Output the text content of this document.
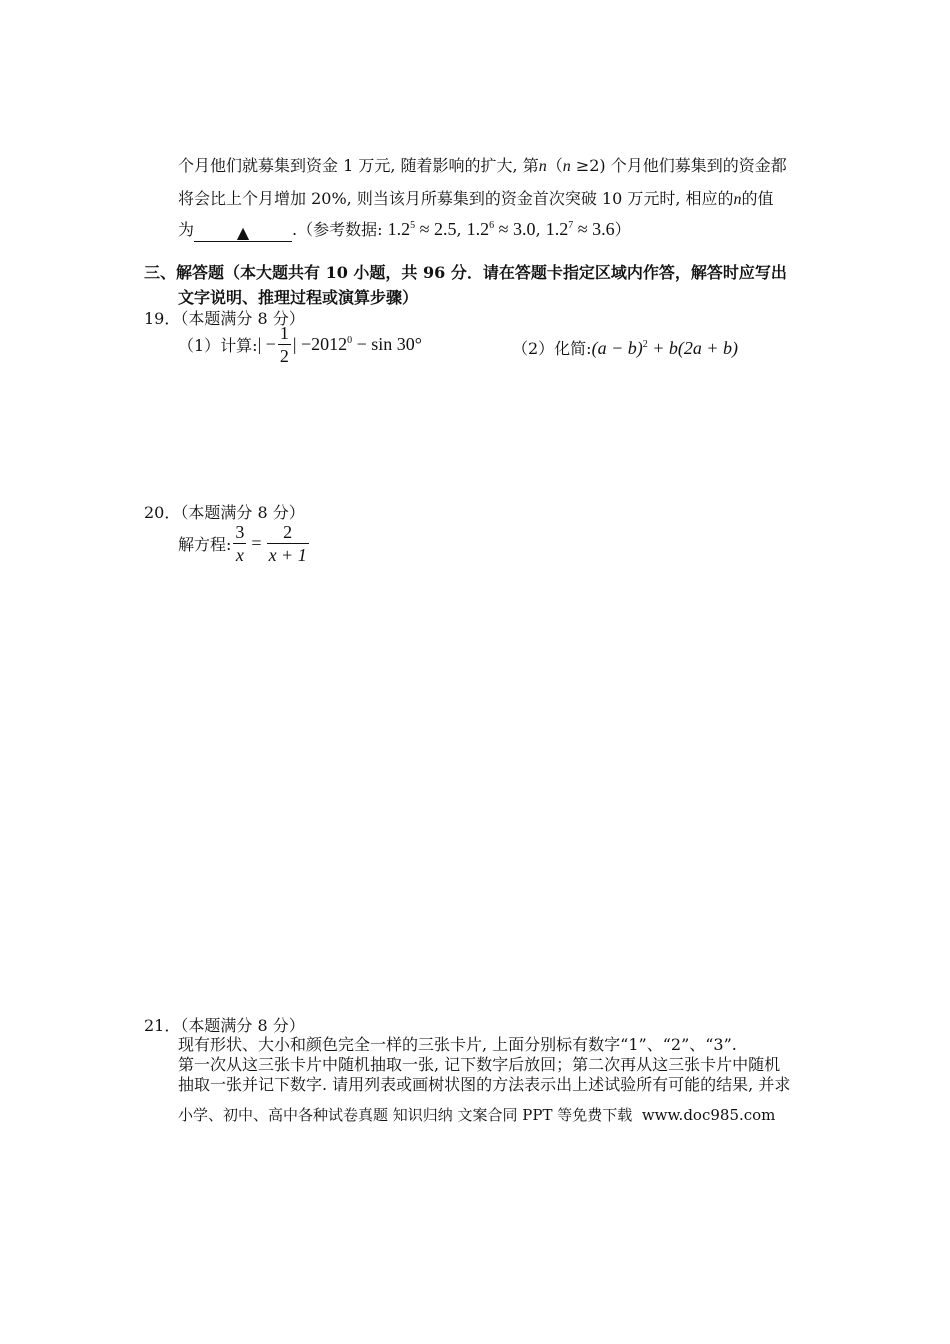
个月他们就募集到资金 1 万元, 随着影响的扩大, 第n（n ≥2) 个月他们募集到的资金都
将会比上个月增加 20%, 则当该月所募集到的资金首次突破 10 万元时, 相应的n的值
为	▲	.（参考数据: $1.2^5 \approx 2.5$, $1.2^6 \approx 3.0$, $1.2^7 \approx 3.6$）
三、解答题（本大题共有 10 小题，共 96 分．请在答题卡指定区域内作答，解答时应写出
文字说明、推理过程或演算步骤）
19．（本题满分 8 分）
（1）计算:| − $\frac{1}{2}$ | $-2012^0 - \sin 30^\circ$	（2）化简:(a − b)$^2$ + b(2a + b)
20．（本题满分 8 分）
解方程: $\frac{3}{x} = \frac{2}{x + 1}$
21．（本题满分 8 分）
现有形状、大小和颜色完全一样的三张卡片, 上面分别标有数字“1”、“2”、“3”.
第一次从这三张卡片中随机抽取一张, 记下数字后放回；第二次再从这三张卡片中随机
抽取一张并记下数字. 请用列表或画树状图的方法表示出上述试验所有可能的结果, 并求
小学、初中、高中各种试卷真题 知识归纳 文案合同 PPT 等免费下载 www.doc985.com
